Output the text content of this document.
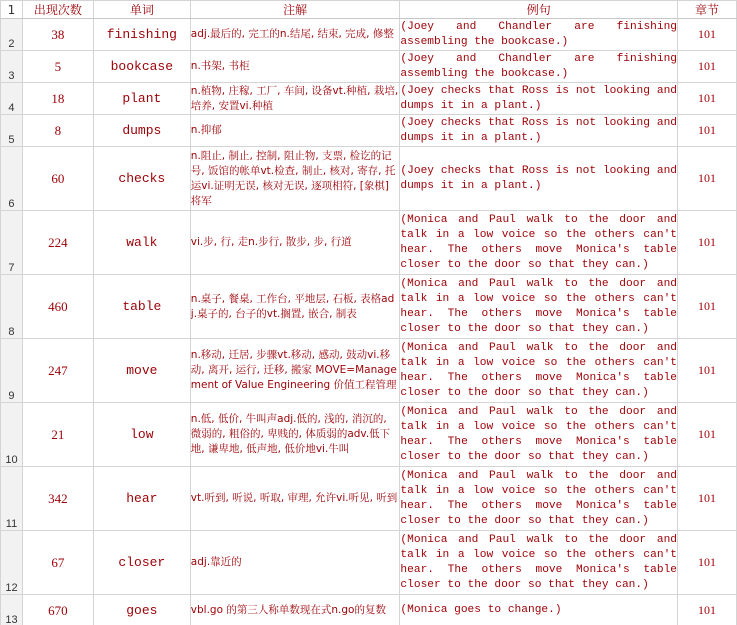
1	出现次数	单词	注解	例句	章节
2	38	finishing	adj.最后的, 完工的n.结尾, 结束, 完成, 修整	(Joey and Chandler are finishing assembling the bookcase.)	101
3	5	bookcase	n.书架, 书柜	(Joey and Chandler are finishing assembling the bookcase.)	101
4	18	plant	n.植物, 庄稼, 工厂, 车间, 设备vt.种植, 栽培, 培养, 安置vi.种植	(Joey checks that Ross is not looking and dumps it in a plant.)	101
5	8	dumps	n.抑郁	(Joey checks that Ross is not looking and dumps it in a plant.)	101
6	60	checks	n.阻止, 制止, 控制, 阻止物, 支票, 检讫的记号, 饭馆的帐单vt.检查, 制止, 核对, 寄存, 托运vi.证明无误, 核对无误, 逐项相符, [象棋]将军	(Joey checks that Ross is not looking and dumps it in a plant.)	101
7	224	walk	vi.步, 行, 走n.步行, 散步, 步, 行道	(Monica and Paul walk to the door and talk in a low voice so the others can't hear. The others move Monica's table closer to the door so that they can.)	101
8	460	table	n.桌子, 餐桌, 工作台, 平地层, 石板, 表格adj.桌子的, 台子的vt.搁置, 嵌合, 制表	(Monica and Paul walk to the door and talk in a low voice so the others can't hear. The others move Monica's table closer to the door so that they can.)	101
9	247	move	n.移动, 迁居, 步骤vt.移动, 感动, 鼓动vi.移动, 离开, 运行, 迁移, 搬家 MOVE=Management of Value Engineering 价值工程管理	(Monica and Paul walk to the door and talk in a low voice so the others can't hear. The others move Monica's table closer to the door so that they can.)	101
10	21	low	n.低, 低价, 牛叫声adj.低的, 浅的, 消沉的, 微弱的, 粗俗的, 卑贱的, 体质弱的adv.低下地, 谦卑地, 低声地, 低价地vi.牛叫	(Monica and Paul walk to the door and talk in a low voice so the others can't hear. The others move Monica's table closer to the door so that they can.)	101
11	342	hear	vt.听到, 听说, 听取, 审理, 允许vi.听见, 听到	(Monica and Paul walk to the door and talk in a low voice so the others can't hear. The others move Monica's table closer to the door so that they can.)	101
12	67	closer	adj.靠近的	(Monica and Paul walk to the door and talk in a low voice so the others can't hear. The others move Monica's table closer to the door so that they can.)	101
13	670	goes	vbl.go 的第三人称单数现在式n.go的复数	(Monica goes to change.)	101
